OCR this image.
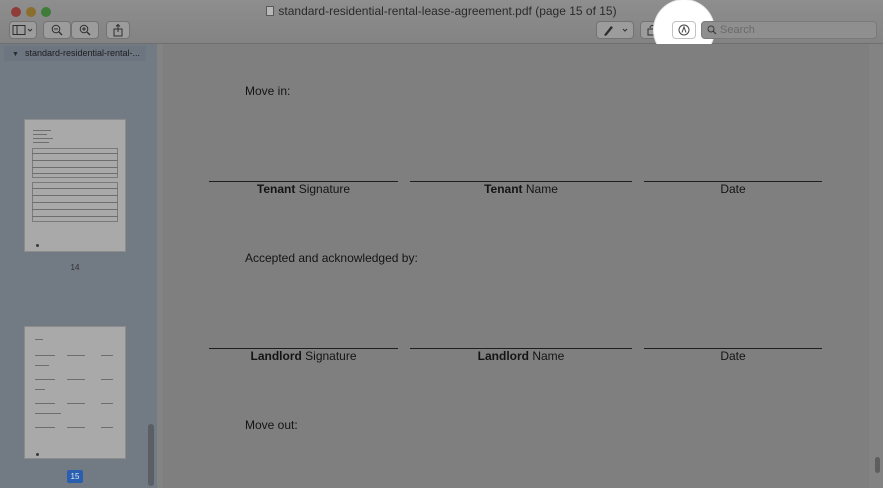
standard-residential-rental-lease-agreement.pdf (page 15 of 15)
Search
▼ standard-residential-rental-...
14
15
Move in:
Tenant Signature	Tenant Name	Date
Accepted and acknowledged by:
Landlord Signature	Landlord Name	Date
Move out:
